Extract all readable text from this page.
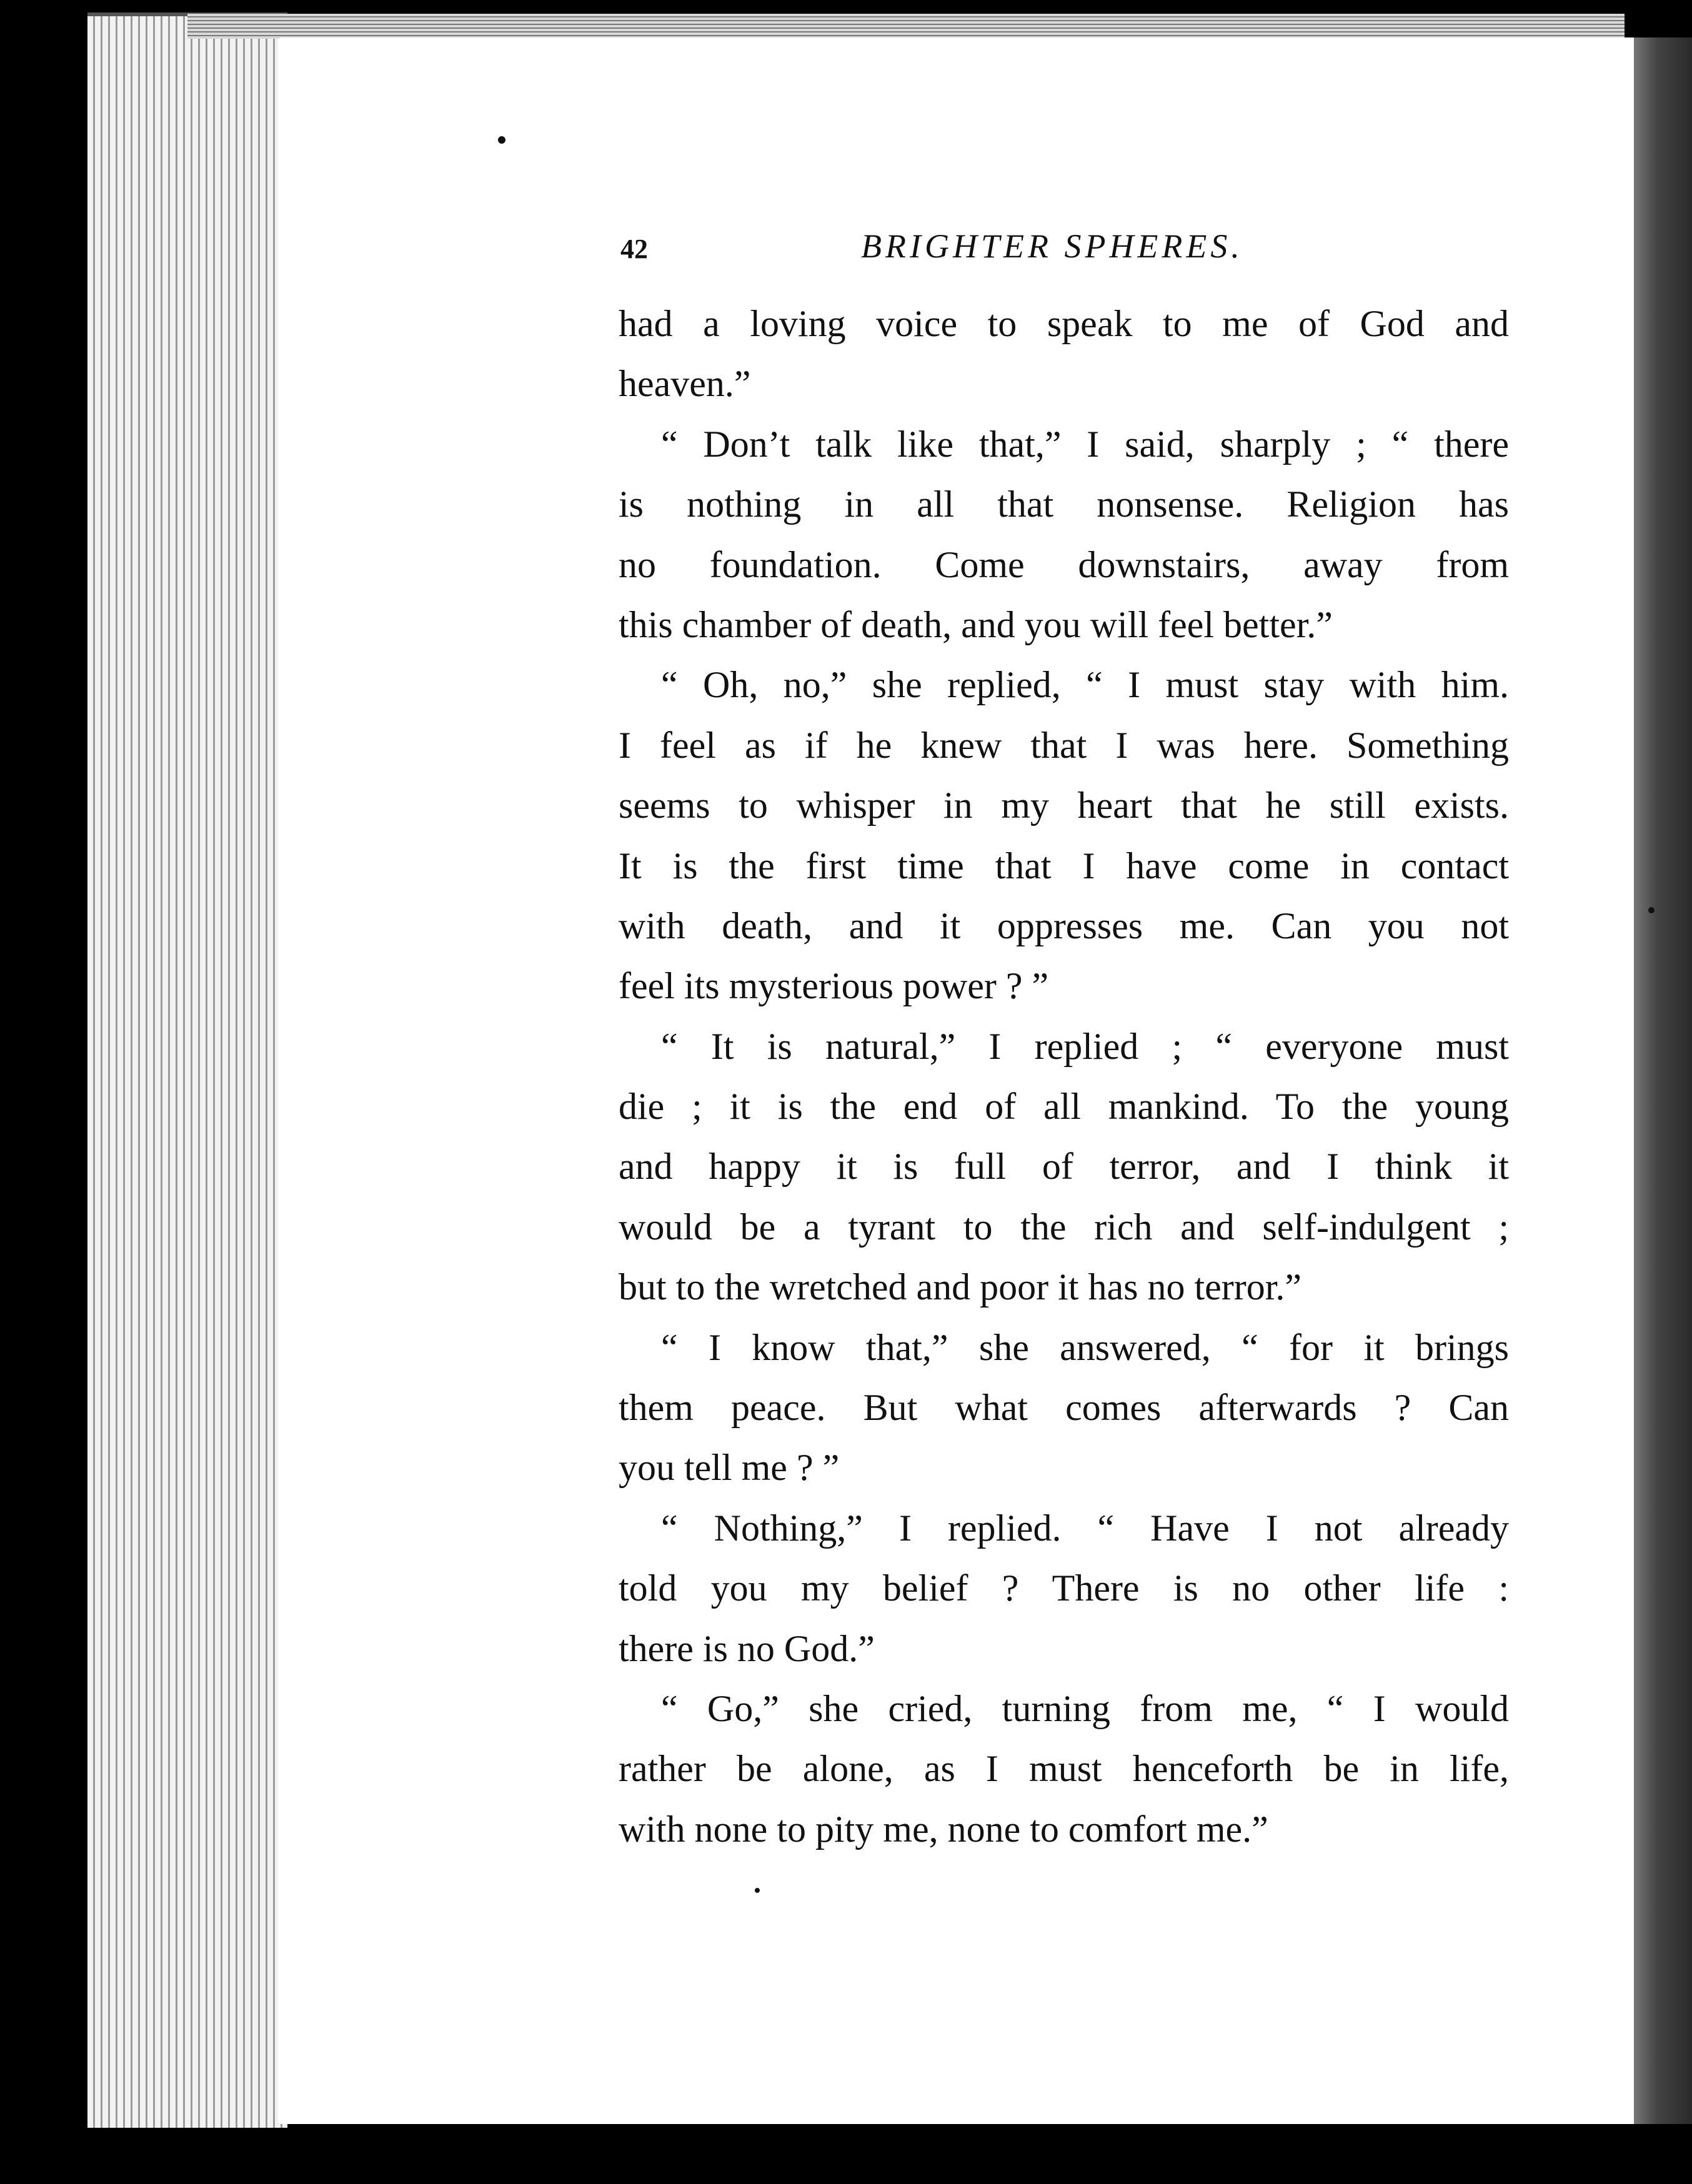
42	BRIGHTER SPHERES.
had a loving voice to speak to me of God and
heaven.”
“ Don’t talk like that,” I said, sharply ; “ there
is nothing in all that nonsense. Religion has
no foundation. Come downstairs, away from
this chamber of death, and you will feel better.”
“ Oh, no,” she replied, “ I must stay with him.
I feel as if he knew that I was here. Something
seems to whisper in my heart that he still exists.
It is the first time that I have come in contact
with death, and it oppresses me. Can you not
feel its mysterious power ? ”
“ It is natural,” I replied ; “ everyone must
die ; it is the end of all mankind. To the young
and happy it is full of terror, and I think it
would be a tyrant to the rich and self-indulgent ;
but to the wretched and poor it has no terror.”
“ I know that,” she answered, “ for it brings
them peace. But what comes afterwards ? Can
you tell me ? ”
“ Nothing,” I replied. “ Have I not already
told you my belief ? There is no other life :
there is no God.”
“ Go,” she cried, turning from me, “ I would
rather be alone, as I must henceforth be in life,
with none to pity me, none to comfort me.”
